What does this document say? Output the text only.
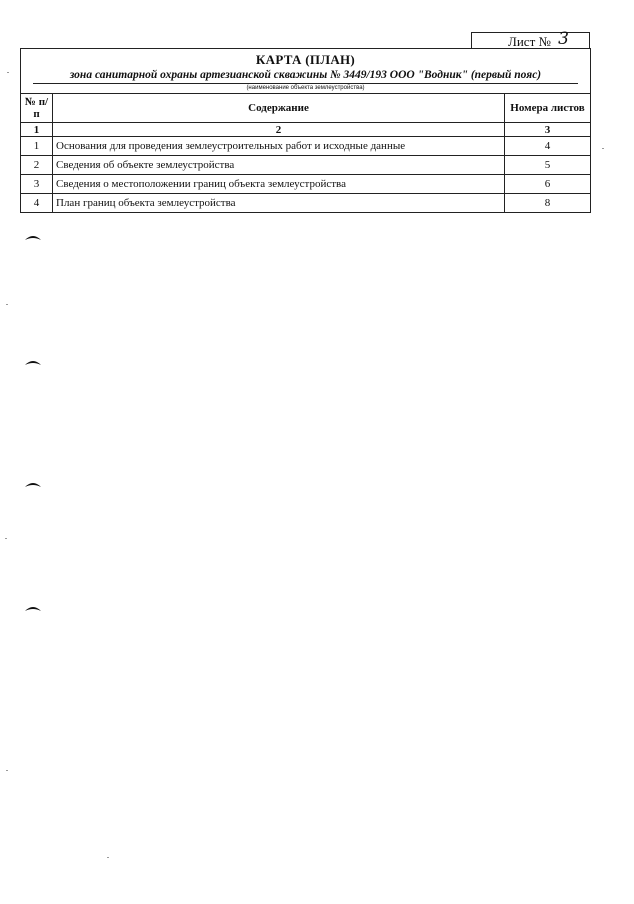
Лист № 3
КАРТА (ПЛАН)
зона санитарной охраны артезианской скважины № 3449/193 ООО "Водник" (первый пояс)
(наименование объекта землеустройства)
№ п/п	Содержание	Номера листов
1	2	3
1	Основания для проведения землеустроительных работ и исходные данные	4
2	Сведения об объекте землеустройства	5
3	Сведения о местоположении границ объекта землеустройства	6
4	План границ объекта землеустройства	8
